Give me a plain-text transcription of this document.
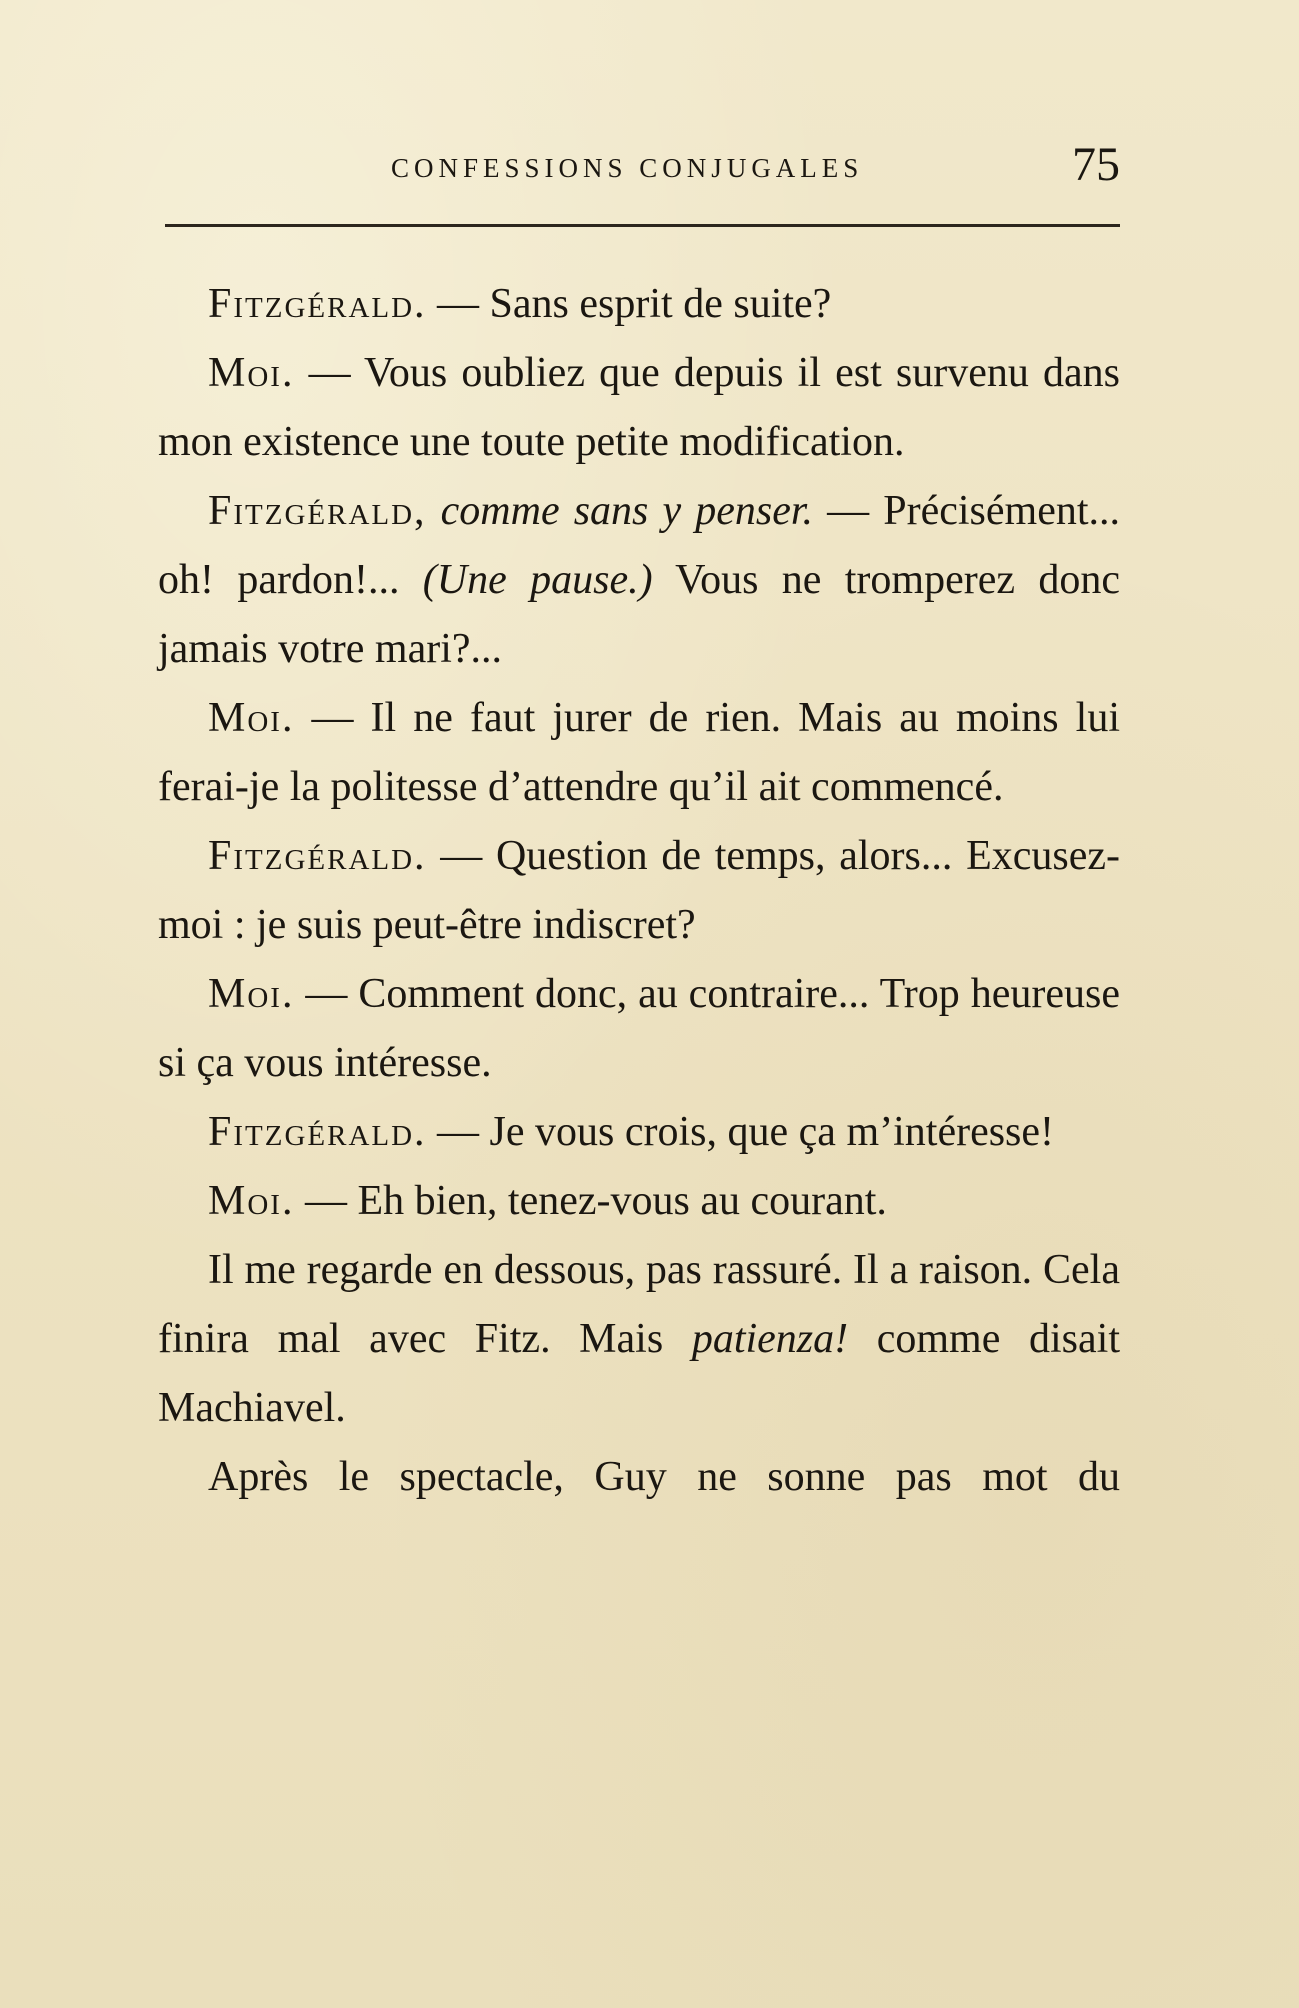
CONFESSIONS CONJUGALES	75

Fitzgérald. — Sans esprit de suite?

Moi. — Vous oubliez que depuis il est survenu dans mon existence une toute petite modification.

Fitzgérald, comme sans y penser. — Précisément... oh! pardon!... (Une pause.) Vous ne tromperez donc jamais votre mari?...

Moi. — Il ne faut jurer de rien. Mais au moins lui ferai-je la politesse d’attendre qu’il ait commencé.

Fitzgérald. — Question de temps, alors... Excusez-moi : je suis peut-être indiscret?

Moi. — Comment donc, au contraire... Trop heureuse si ça vous intéresse.

Fitzgérald. — Je vous crois, que ça m’intéresse!

Moi. — Eh bien, tenez-vous au courant.

Il me regarde en dessous, pas rassuré. Il a raison. Cela finira mal avec Fitz. Mais patienza! comme disait Machiavel.

Après le spectacle, Guy ne sonne pas mot du
